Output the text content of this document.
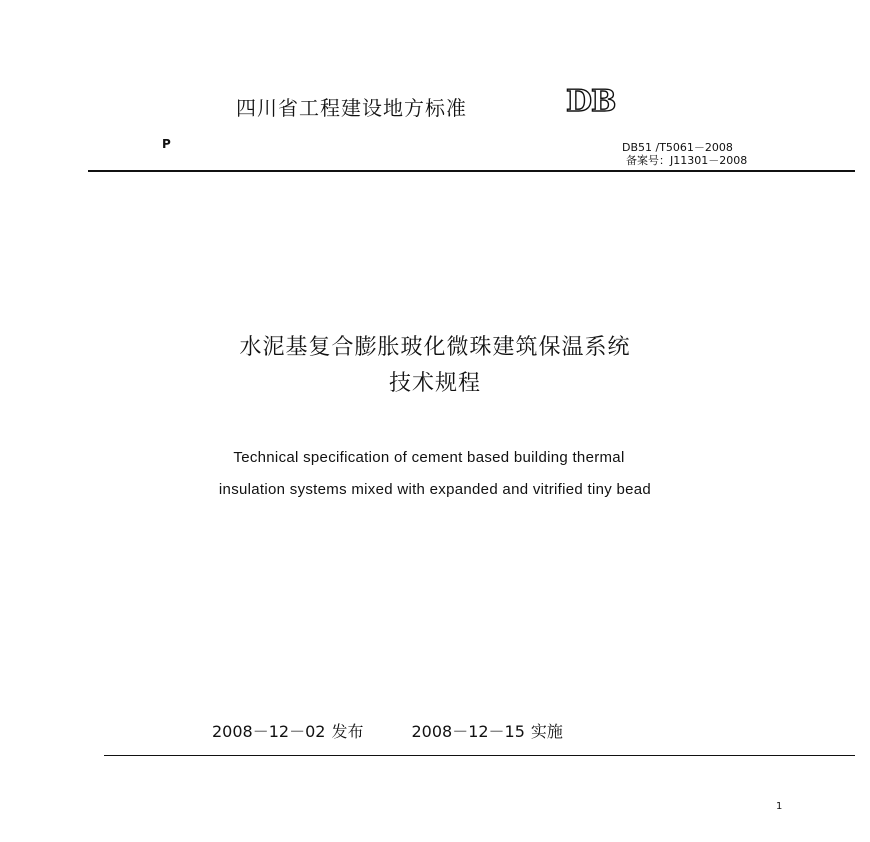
四川省工程建设地方标准	DB
P	DB51 /T5061－2008
备案号：J11301－2008
水泥基复合膨胀玻化微珠建筑保温系统
技术规程
Technical specification of cement based building thermal
insulation systems mixed with expanded and vitrified tiny bead
2008－12－02 发布	2008－12－15 实施
1
